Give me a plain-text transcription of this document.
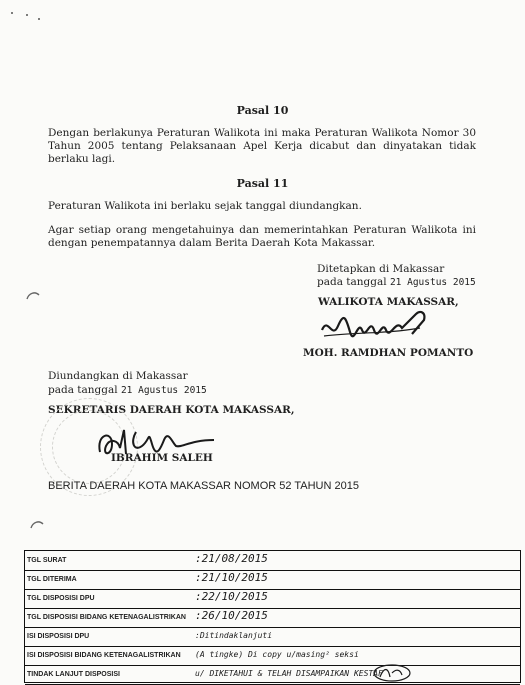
Pasal 10

Dengan berlakunya Peraturan Walikota ini maka Peraturan Walikota Nomor 30 Tahun 2005 tentang Pelaksanaan Apel Kerja dicabut dan dinyatakan tidak berlaku lagi.

Pasal 11

Peraturan Walikota ini berlaku sejak tanggal diundangkan.

Agar setiap orang mengetahuinya dan memerintahkan Peraturan Walikota ini dengan penempatannya dalam Berita Daerah Kota Makassar.

Ditetapkan di Makassar
pada tanggal 21 Agustus 2015
WALIKOTA MAKASSAR,
MOH. RAMDHAN POMANTO
Diundangkan di Makassar
pada tanggal 21 Agustus 2015
SEKRETARIS DAERAH KOTA MAKASSAR,
IBRAHIM SALEH
BERITA DAERAH KOTA MAKASSAR NOMOR 52 TAHUN 2015
TGL SURAT	:21/08/2015
TGL DITERIMA	:21/10/2015
TGL DISPOSISI DPU	:22/10/2015
TGL DISPOSISI BIDANG KETENAGALISTRIKAN :26/10/2015
ISI DISPOSISI DPU	:Ditindaklanjuti
ISI DISPOSISI BIDANG KETENAGALISTRIKAN (A tingke) Di copy u/masing² seksi
TINDAK LANJUT DISPOSISI	u/ DIKETAHUI & TELAH DISAMPAIKAN KESTAF
